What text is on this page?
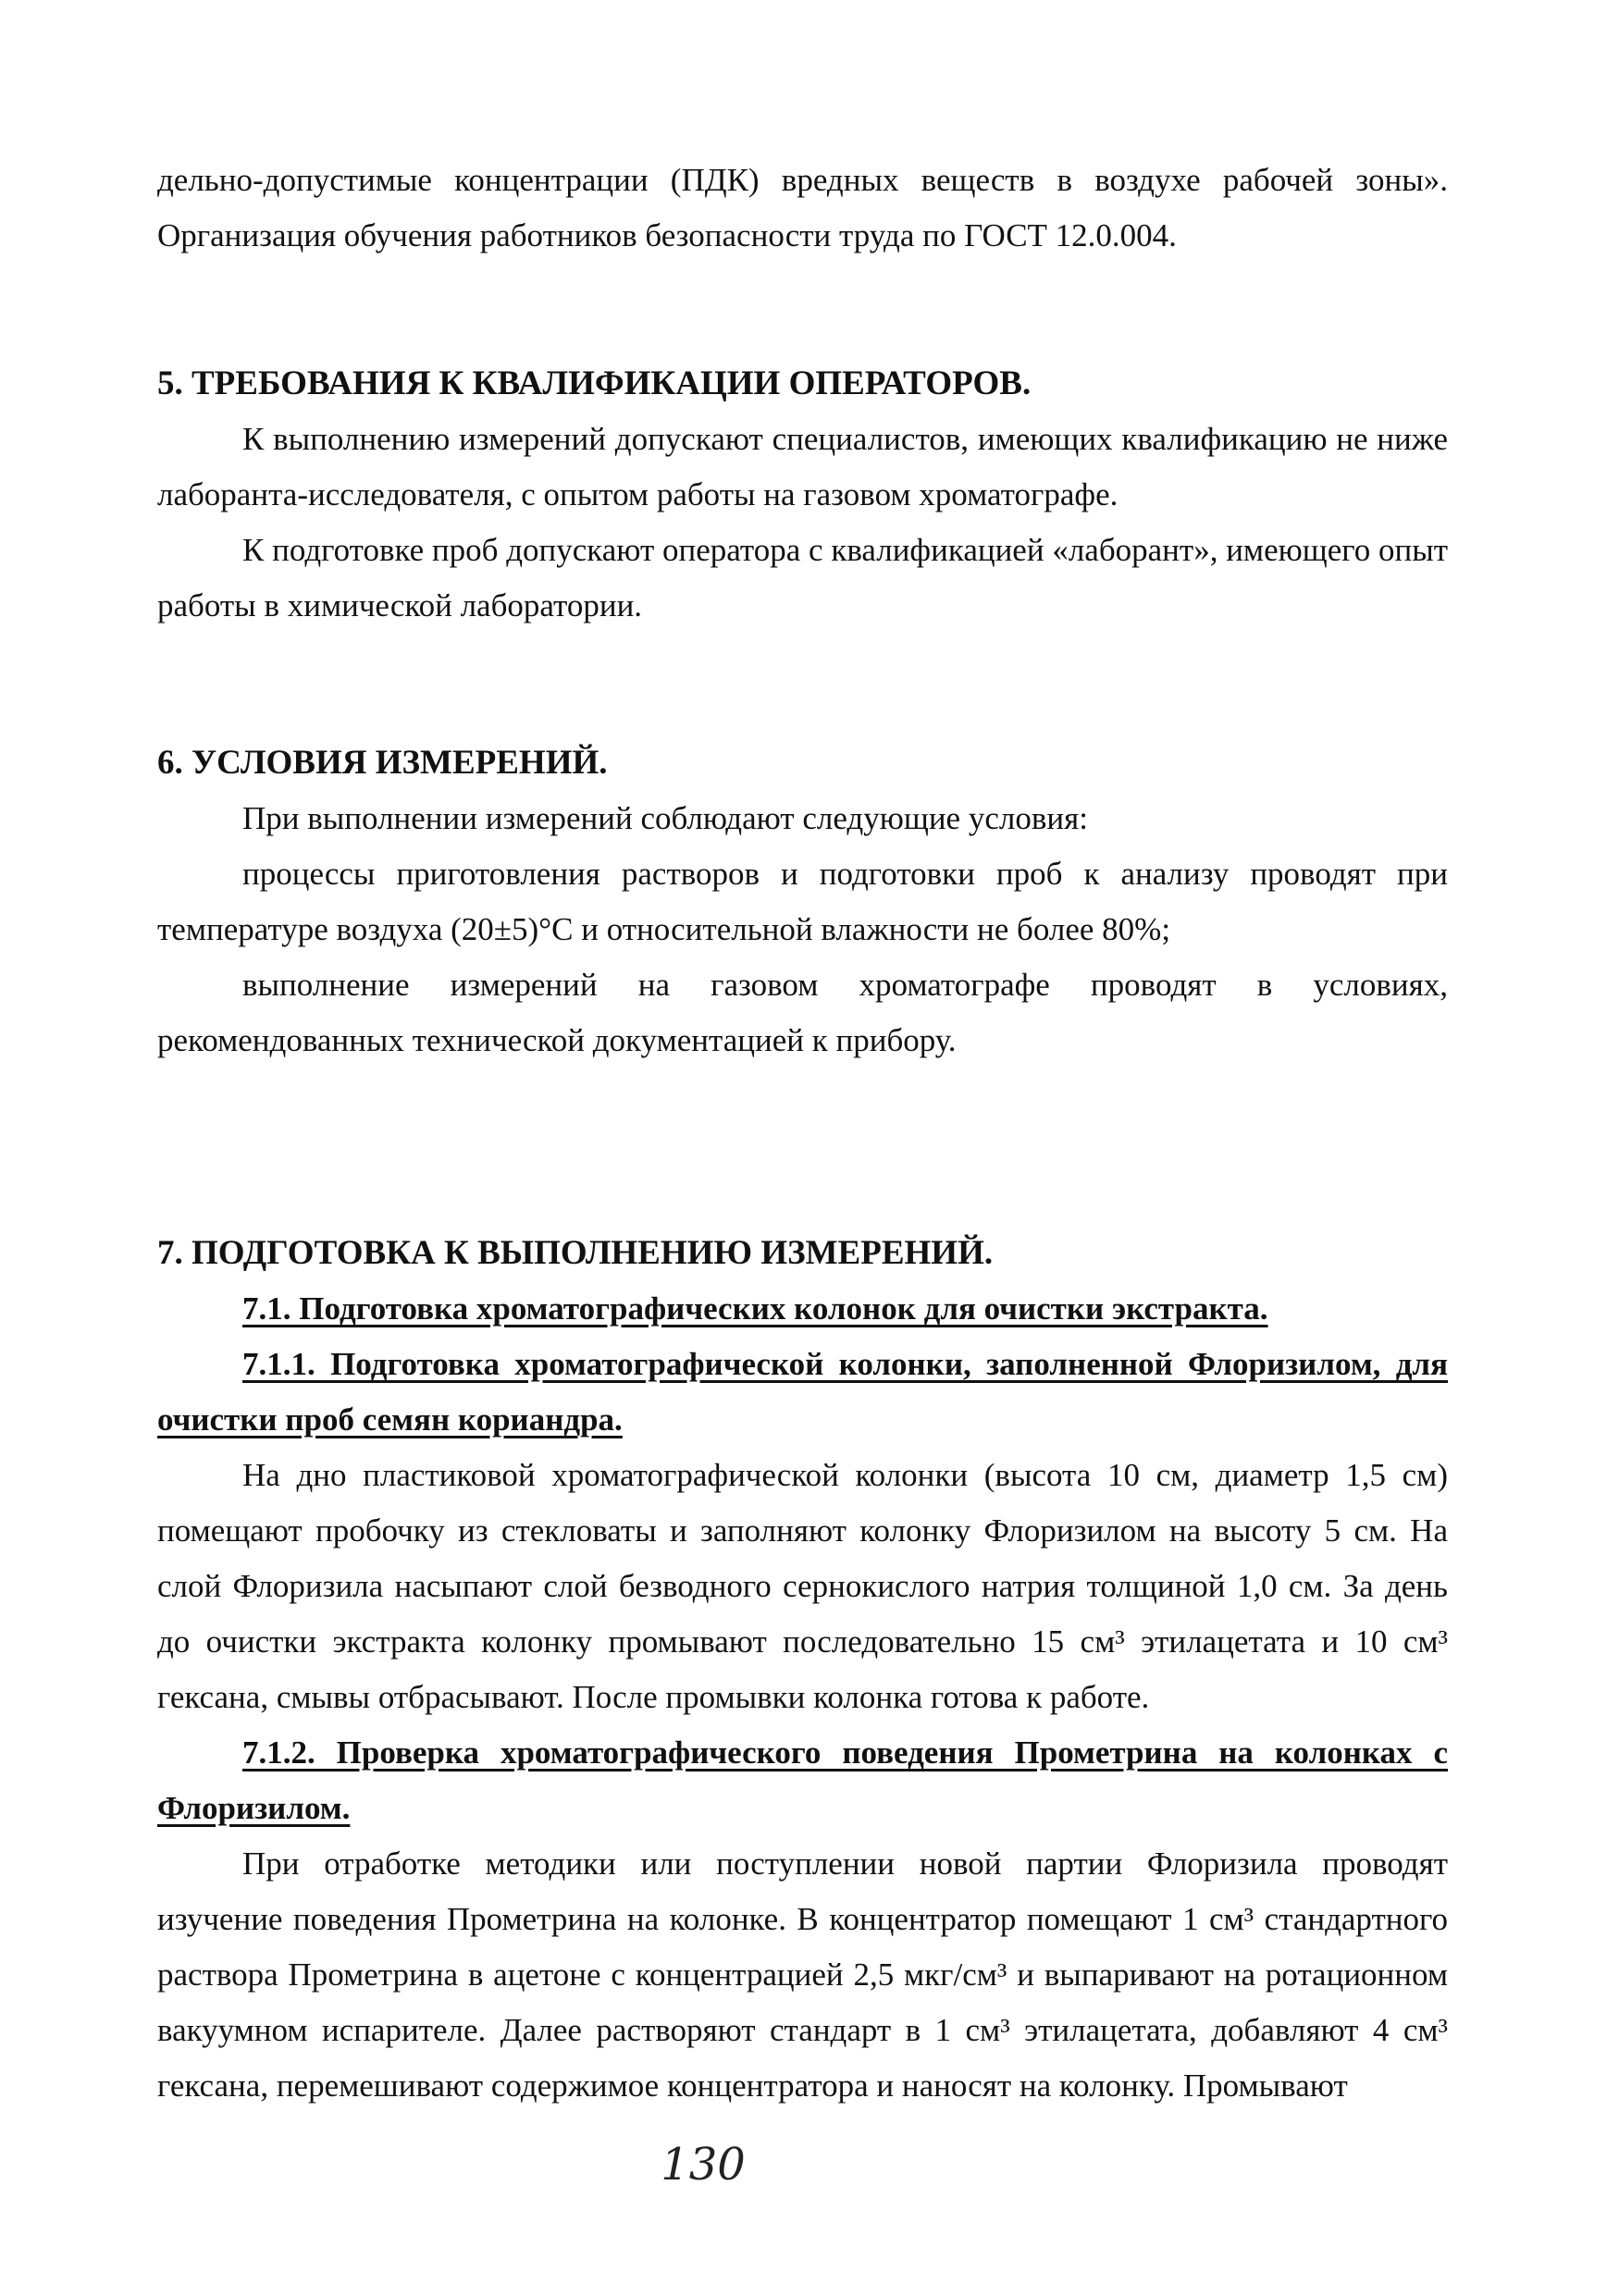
дельно-допустимые концентрации (ПДК) вредных веществ в воздухе рабочей зоны». Организация обучения работников безопасности труда по ГОСТ 12.0.004.

5. ТРЕБОВАНИЯ К КВАЛИФИКАЦИИ ОПЕРАТОРОВ.

К выполнению измерений допускают специалистов, имеющих квалификацию не ниже лаборанта-исследователя, с опытом работы на газовом хроматографе.

К подготовке проб допускают оператора с квалификацией «лаборант», имеющего опыт работы в химической лаборатории.

6. УСЛОВИЯ ИЗМЕРЕНИЙ.

При выполнении измерений соблюдают следующие условия:

процессы приготовления растворов и подготовки проб к анализу проводят при температуре воздуха (20±5)°С и относительной влажности не более 80%;

выполнение измерений на газовом хроматографе проводят в условиях, рекомендованных технической документацией к прибору.

7. ПОДГОТОВКА К ВЫПОЛНЕНИЮ ИЗМЕРЕНИЙ.

7.1. Подготовка хроматографических колонок для очистки экстракта.

7.1.1. Подготовка хроматографической колонки, заполненной Флоризилом, для очистки проб семян кориандра.

На дно пластиковой хроматографической колонки (высота 10 см, диаметр 1,5 см) помещают пробочку из стекловаты и заполняют колонку Флоризилом на высоту 5 см. На слой Флоризила насыпают слой безводного сернокислого натрия толщиной 1,0 см. За день до очистки экстракта колонку промывают последовательно 15 см³ этилацетата и 10 см³ гексана, смывы отбрасывают. После промывки колонка готова к работе.

7.1.2. Проверка хроматографического поведения Прометрина на колонках с Флоризилом.

При отработке методики или поступлении новой партии Флоризила проводят изучение поведения Прометрина на колонке. В концентратор помещают 1 см³ стандартного раствора Прометрина в ацетоне с концентрацией 2,5 мкг/см³ и выпаривают на ротационном вакуумном испарителе. Далее растворяют стандарт в 1 см³ этилацетата, добавляют 4 см³ гексана, перемешивают содержимое концентратора и наносят на колонку. Промывают

130
